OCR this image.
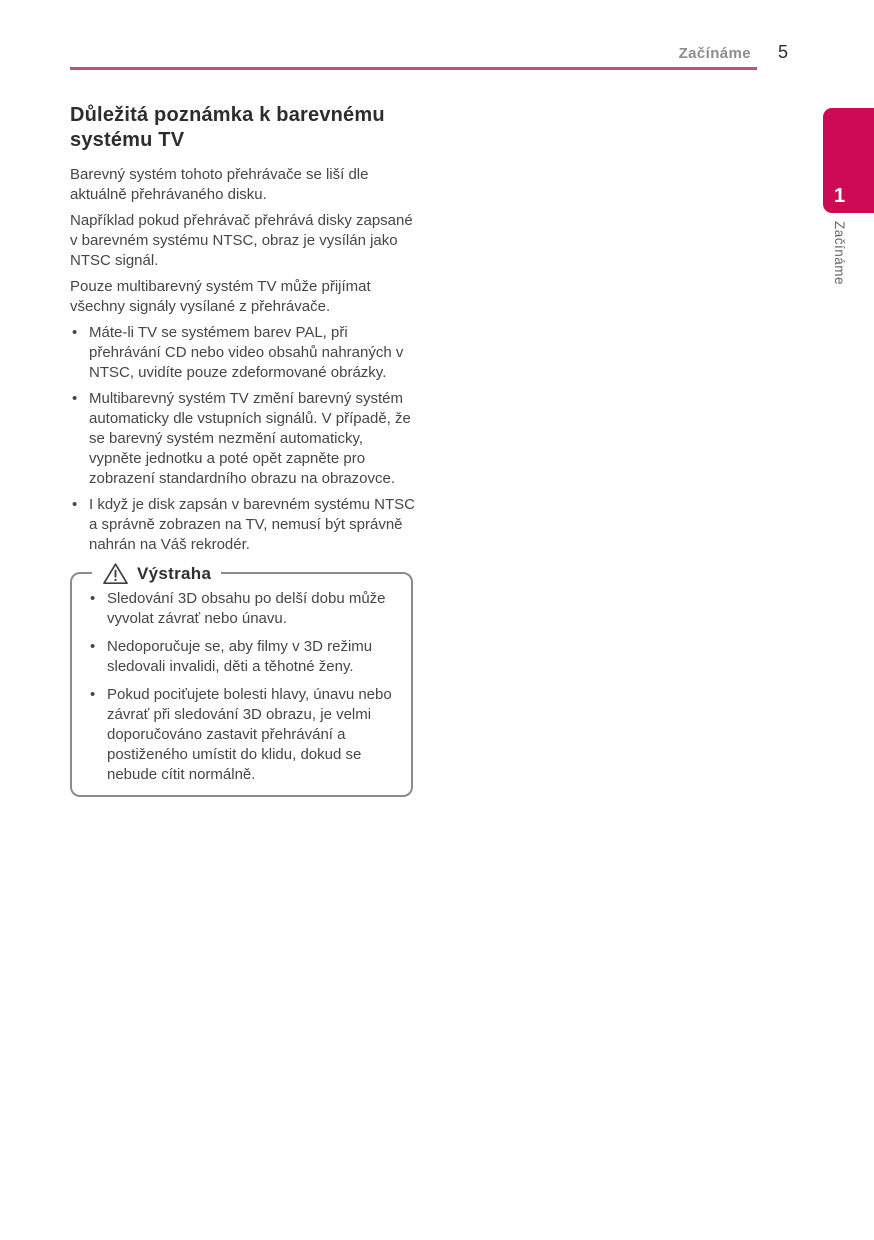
Začínáme 5
1
Začínáme
Důležitá poznámka k barevnému systému TV

Barevný systém tohoto přehrávače se liší dle aktuálně přehrávaného disku.

Například pokud přehrávač přehrává disky zapsané v barevném systému NTSC, obraz je vysílán jako NTSC signál.

Pouze multibarevný systém TV může přijímat všechny signály vysílané z přehrávače.

• Máte-li TV se systémem barev PAL, při přehrávání CD nebo video obsahů nahraných v NTSC, uvidíte pouze zdeformované obrázky.
• Multibarevný systém TV změní barevný systém automaticky dle vstupních signálů. V případě, že se barevný systém nezmění automaticky, vypněte jednotku a poté opět zapněte pro zobrazení standardního obrazu na obrazovce.
• I když je disk zapsán v barevném systému NTSC a správně zobrazen na TV, nemusí být správně nahrán na Váš rekrodér.
Výstraha
• Sledování 3D obsahu po delší dobu může vyvolat závrať nebo únavu.
• Nedoporučuje se, aby filmy v 3D režimu sledovali invalidi, děti a těhotné ženy.
• Pokud pociťujete bolesti hlavy, únavu nebo závrať při sledování 3D obrazu, je velmi doporučováno zastavit přehrávání a postiženého umístit do klidu, dokud se nebude cítit normálně.
